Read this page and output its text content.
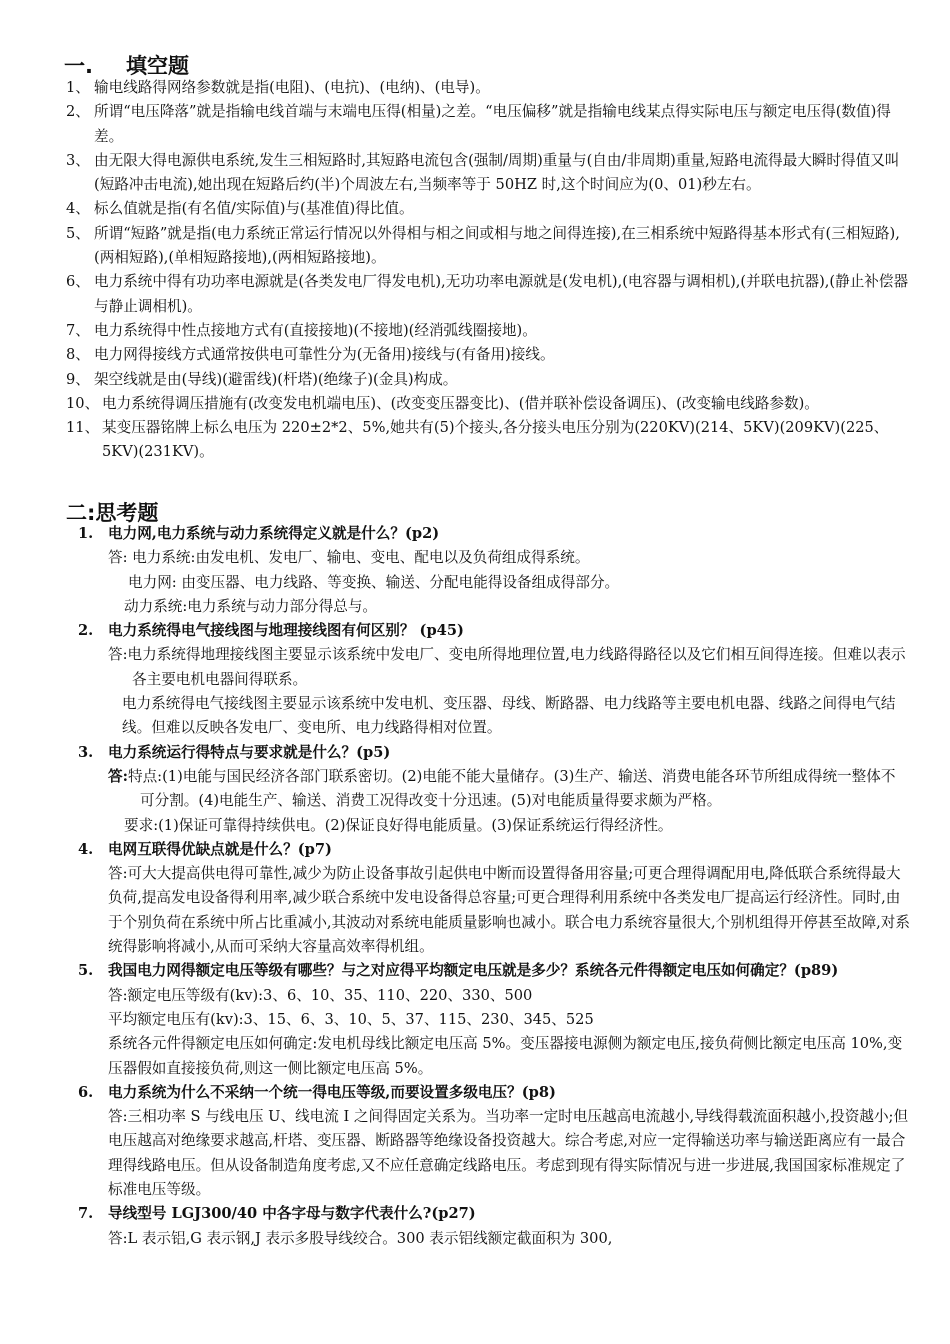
一. 填空题
1、 输电线路得网络参数就是指(电阻)、(电抗)、(电纳)、(电导)。
2、 所谓“电压降落”就是指输电线首端与末端电压得(相量)之差。“电压偏移”就是指输电线某点得实际电压与额定电压得(数值)得差。
3、 由无限大得电源供电系统,发生三相短路时,其短路电流包含(强制/周期)重量与(自由/非周期)重量,短路电流得最大瞬时得值又叫(短路冲击电流),她出现在短路后约(半)个周波左右,当频率等于 50HZ 时,这个时间应为(0、01)秒左右。
4、 标么值就是指(有名值/实际值)与(基准值)得比值。
5、 所谓“短路”就是指(电力系统正常运行情况以外得相与相之间或相与地之间得连接),在三相系统中短路得基本形式有(三相短路),(两相短路),(单相短路接地),(两相短路接地)。
6、 电力系统中得有功功率电源就是(各类发电厂得发电机),无功功率电源就是(发电机),(电容器与调相机),(并联电抗器),(静止补偿器与静止调相机)。
7、 电力系统得中性点接地方式有(直接接地)(不接地)(经消弧线圈接地)。
8、 电力网得接线方式通常按供电可靠性分为(无备用)接线与(有备用)接线。
9、 架空线就是由(导线)(避雷线)(杆塔)(绝缘子)(金具)构成。
10、 电力系统得调压措施有(改变发电机端电压)、(改变变压器变比)、(借并联补偿设备调压)、(改变输电线路参数)。
11、 某变压器铭牌上标么电压为 220±2*2、5%,她共有(5)个接头,各分接头电压分别为(220KV)(214、5KV)(209KV)(225、5KV)(231KV)。
二:思考题
1. 电力网,电力系统与动力系统得定义就是什么？(p2)
答: 电力系统:由发电机、发电厂、输电、变电、配电以及负荷组成得系统。
电力网: 由变压器、电力线路、等变换、输送、分配电能得设备组成得部分。
动力系统:电力系统与动力部分得总与。
2. 电力系统得电气接线图与地理接线图有何区别？ (p45)
答:电力系统得地理接线图主要显示该系统中发电厂、变电所得地理位置,电力线路得路径以及它们相互间得连接。但难以表示各主要电机电器间得联系。
电力系统得电气接线图主要显示该系统中发电机、变压器、母线、断路器、电力线路等主要电机电器、线路之间得电气结线。但难以反映各发电厂、变电所、电力线路得相对位置。
3. 电力系统运行得特点与要求就是什么？(p5)
答:特点:(1)电能与国民经济各部门联系密切。(2)电能不能大量储存。(3)生产、输送、消费电能各环节所组成得统一整体不可分割。(4)电能生产、输送、消费工况得改变十分迅速。(5)对电能质量得要求颇为严格。
要求:(1)保证可靠得持续供电。(2)保证良好得电能质量。(3)保证系统运行得经济性。
4. 电网互联得优缺点就是什么？(p7)
答:可大大提高供电得可靠性,减少为防止设备事故引起供电中断而设置得备用容量;可更合理得调配用电,降低联合系统得最大负荷,提高发电设备得利用率,减少联合系统中发电设备得总容量;可更合理得利用系统中各类发电厂提高运行经济性。同时,由于个别负荷在系统中所占比重减小,其波动对系统电能质量影响也减小。联合电力系统容量很大,个别机组得开停甚至故障,对系统得影响将减小,从而可采纳大容量高效率得机组。
5. 我国电力网得额定电压等级有哪些？与之对应得平均额定电压就是多少？系统各元件得额定电压如何确定？(p89)
答:额定电压等级有(kv):3、6、10、35、110、220、330、500
平均额定电压有(kv):3、15、6、3、10、5、37、115、230、345、525
系统各元件得额定电压如何确定:发电机母线比额定电压高 5%。变压器接电源侧为额定电压,接负荷侧比额定电压高 10%,变压器假如直接接负荷,则这一侧比额定电压高 5%。
6. 电力系统为什么不采纳一个统一得电压等级,而要设置多级电压？(p8)
答:三相功率 S 与线电压 U、线电流 I 之间得固定关系为。当功率一定时电压越高电流越小,导线得载流面积越小,投资越小;但电压越高对绝缘要求越高,杆塔、变压器、断路器等绝缘设备投资越大。综合考虑,对应一定得输送功率与输送距离应有一最合理得线路电压。但从设备制造角度考虑,又不应任意确定线路电压。考虑到现有得实际情况与进一步进展,我国国家标准规定了标准电压等级。
7. 导线型号 LGJ300/40 中各字母与数字代表什么?(p27)
答:L 表示铝,G 表示钢,J 表示多股导线绞合。300 表示铝线额定截面积为 300,
